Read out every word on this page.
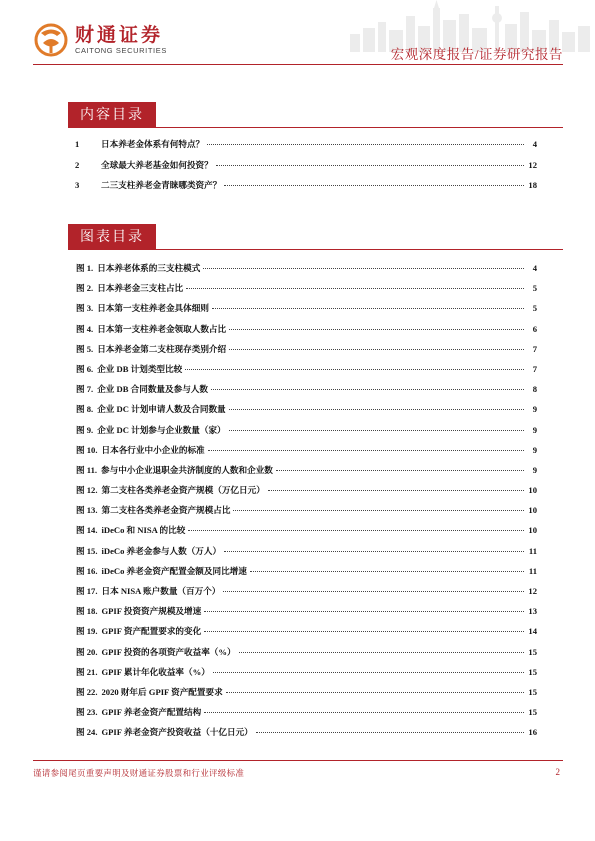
财通证券
CAITONG SECURITIES	宏观深度报告/证券研究报告
内容目录
1	日本养老金体系有何特点？	4
2	全球最大养老基金如何投资？	12
3	二三支柱养老金青睐哪类资产？	18
图表目录
图 1. 日本养老体系的三支柱模式	4
图 2. 日本养老金三支柱占比	5
图 3. 日本第一支柱养老金具体细则	5
图 4. 日本第一支柱养老金领取人数占比	6
图 5. 日本养老金第二支柱现存类别介绍	7
图 6. 企业 DB 计划类型比较	7
图 7. 企业 DB 合同数量及参与人数	8
图 8. 企业 DC 计划申请人数及合同数量	9
图 9. 企业 DC 计划参与企业数量（家）	9
图 10. 日本各行业中小企业的标准	9
图 11. 参与中小企业退职金共济制度的人数和企业数	9
图 12. 第二支柱各类养老金资产规模（万亿日元）	10
图 13. 第二支柱各类养老金资产规模占比	10
图 14. iDeCo 和 NISA 的比较	10
图 15. iDeCo 养老金参与人数（万人）	11
图 16. iDeCo 养老金资产配置金额及同比增速	11
图 17. 日本 NISA 账户数量（百万个）	12
图 18. GPIF 投资资产规模及增速	13
图 19. GPIF 资产配置要求的变化	14
图 20. GPIF 投资的各项资产收益率（%）	15
图 21. GPIF 累计年化收益率（%）	15
图 22. 2020 财年后 GPIF 资产配置要求	15
图 23. GPIF 养老金资产配置结构	15
图 24. GPIF 养老金资产投资收益（十亿日元）	16
谨请参阅尾页重要声明及财通证券股票和行业评级标准	2
